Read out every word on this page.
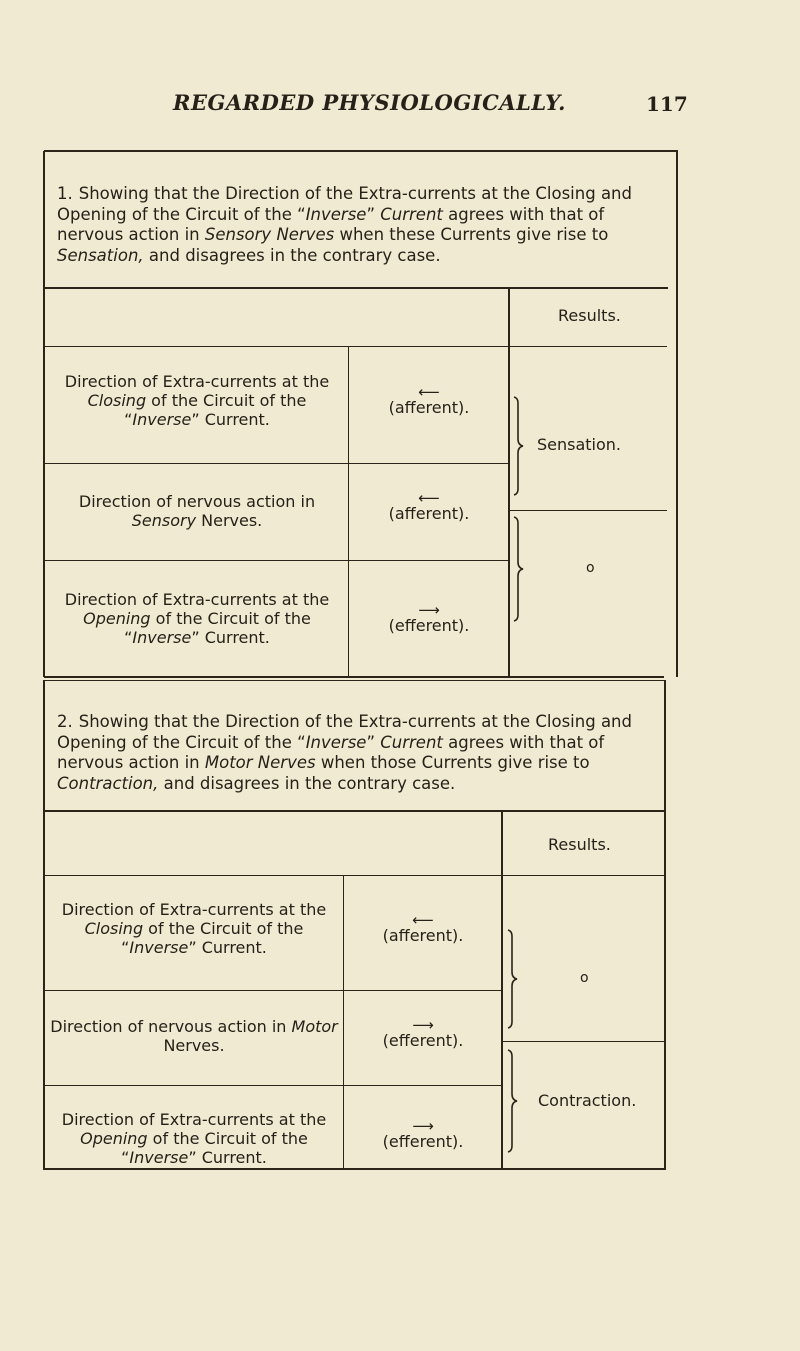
REGARDED PHYSIOLOGICALLY.	117
1. Showing that the Direction of the Extra-currents at the Closing and Opening of the Circuit of the “Inverse” Current agrees with that of nervous action in Sensory Nerves when these Currents give rise to Sensation, and disagrees in the contrary case.
Results.
Direction of Extra-currents at the Closing of the Circuit of the “Inverse” Current.
⟵
(afferent).
Direction of nervous action in Sensory Nerves.
⟵
(afferent).
Direction of Extra-currents at the Opening of the Circuit of the “Inverse” Current.
⟶
(efferent).
Sensation.
o
2. Showing that the Direction of the Extra-currents at the Closing and Opening of the Circuit of the “Inverse” Current agrees with that of nervous action in Motor Nerves when those Currents give rise to Contraction, and disagrees in the contrary case.
Results.
Direction of Extra-currents at the Closing of the Circuit of the “Inverse” Current.
⟵
(afferent).
Direction of nervous action in Motor Nerves.
⟶
(efferent).
Direction of Extra-currents at the Opening of the Circuit of the “Inverse” Current.
⟶
(efferent).
o
Contraction.
